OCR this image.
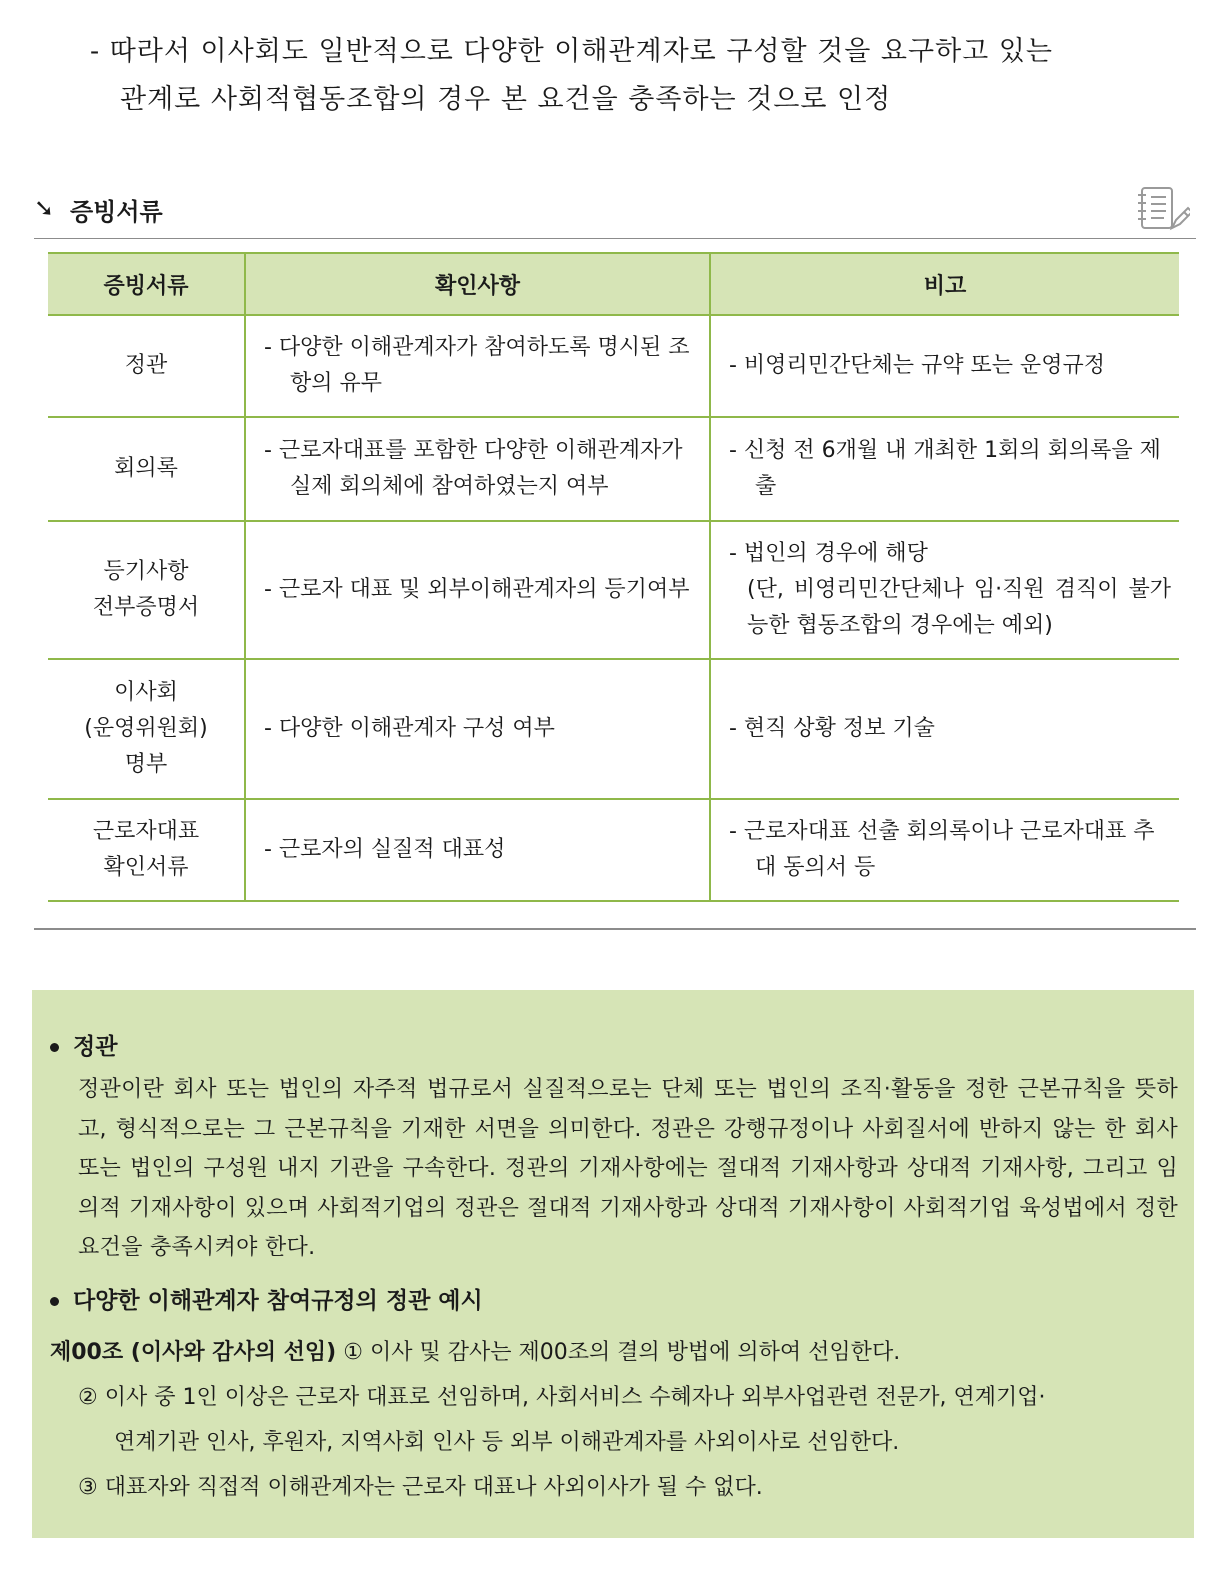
- 따라서 이사회도 일반적으로 다양한 이해관계자로 구성할 것을 요구하고 있는
관계로 사회적협동조합의 경우 본 요건을 충족하는 것으로 인정
➘ 증빙서류
증빙서류	확인사항	비고
정관	- 다양한 이해관계자가 참여하도록 명시된 조항의 유무	- 비영리민간단체는 규약 또는 운영규정

회의록	- 근로자대표를 포함한 다양한 이해관계자가 실제 회의체에 참여하였는지 여부	- 신청 전 6개월 내 개최한 1회의 회의록을 제출

등기사항
전부증명서	- 근로자 대표 및 외부이해관계자의 등기여부	- 법인의 경우에 해당
(단, 비영리민간단체나 임·직원 겸직이 불가능한 협동조합의 경우에는 예외)

이사회
(운영위원회)
명부	- 다양한 이해관계자 구성 여부	- 현직 상황 정보 기술

근로자대표
확인서류	- 근로자의 실질적 대표성	- 근로자대표 선출 회의록이나 근로자대표 추대 동의서 등
정관
정관이란 회사 또는 법인의 자주적 법규로서 실질적으로는 단체 또는 법인의 조직·활동을 정한 근본규칙을 뜻하고, 형식적으로는 그 근본규칙을 기재한 서면을 의미한다. 정관은 강행규정이나 사회질서에 반하지 않는 한 회사 또는 법인의 구성원 내지 기관을 구속한다. 정관의 기재사항에는 절대적 기재사항과 상대적 기재사항, 그리고 임의적 기재사항이 있으며 사회적기업의 정관은 절대적 기재사항과 상대적 기재사항이 사회적기업 육성법에서 정한 요건을 충족시켜야 한다.
다양한 이해관계자 참여규정의 정관 예시
제00조 (이사와 감사의 선임) ① 이사 및 감사는 제00조의 결의 방법에 의하여 선임한다.
② 이사 중 1인 이상은 근로자 대표로 선임하며, 사회서비스 수혜자나 외부사업관련 전문가, 연계기업·
연계기관 인사, 후원자, 지역사회 인사 등 외부 이해관계자를 사외이사로 선임한다.
③ 대표자와 직접적 이해관계자는 근로자 대표나 사외이사가 될 수 없다.
